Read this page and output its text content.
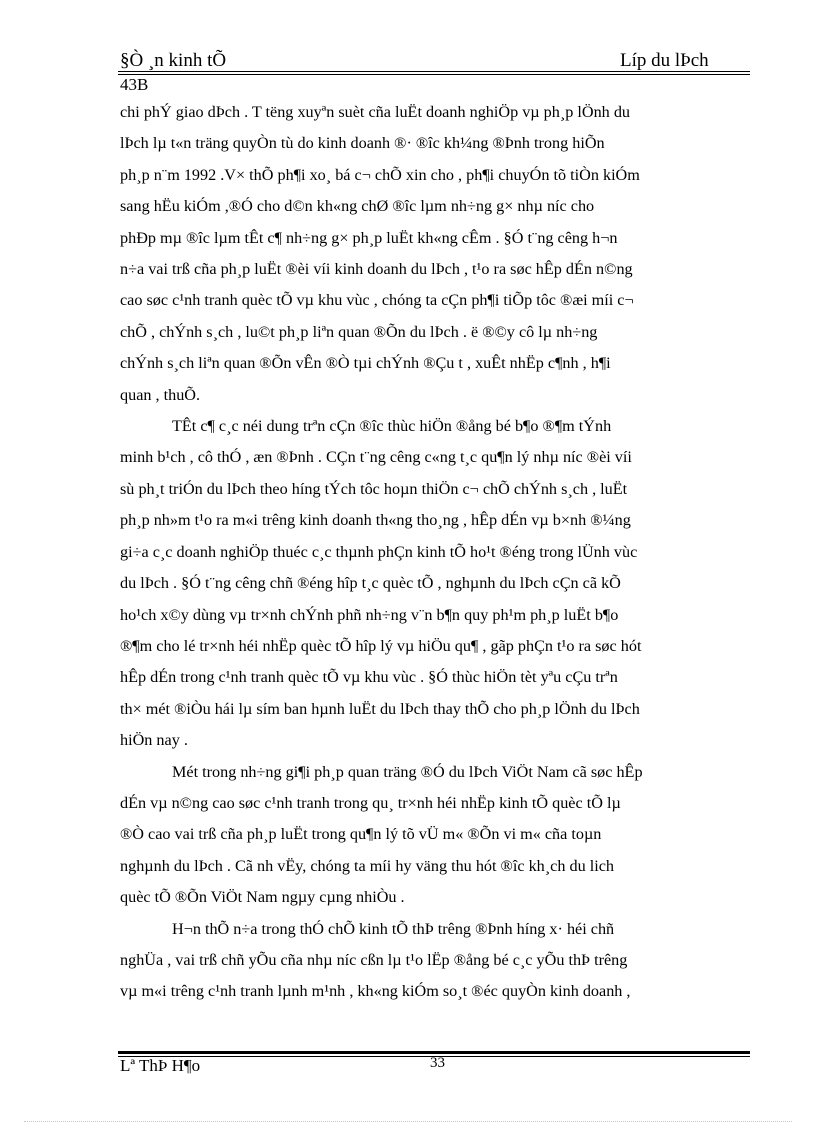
§Ò ¸n kinh tÕ	Líp du lÞch
43B
chi phÝ giao dÞch . T tëng xuyªn suèt cña luËt doanh nghiÖp vµ ph¸p lÖnh du
lÞch lµ t«n träng quyÒn tù do kinh doanh ®· ®îc kh¼ng ®Þnh trong hiÕn
ph¸p n¨m 1992 .V× thÕ ph¶i xo¸ bá c¬ chÕ xin cho , ph¶i chuyÓn tõ tiÒn kiÓm
sang hËu kiÓm ,®Ó cho d©n kh«ng chØ ®îc lµm nh÷ng g× nhµ níc cho
phÐp mµ ®îc lµm tÊt c¶ nh÷ng g× ph¸p luËt kh«ng cÊm . §Ó t¨ng cêng h¬n
n÷a vai trß cña ph¸p luËt ®èi víi kinh doanh du lÞch , t¹o ra søc hÊp dÉn n©ng
cao søc c¹nh tranh quèc tÕ vµ khu vùc , chóng ta cÇn ph¶i tiÕp tôc ®æi míi c¬
chÕ , chÝnh s¸ch , lu©t ph¸p liªn quan ®Õn du lÞch . ë ®©y cô lµ nh÷ng
chÝnh s¸ch liªn quan ®Õn vÊn ®Ò tµi chÝnh ®Çu t , xuÊt nhËp c¶nh , h¶i
quan , thuÕ.
TÊt c¶ c¸c néi dung trªn cÇn ®îc thùc hiÖn ®ång bé b¶o ®¶m tÝnh
minh b¹ch , cô thÓ , æn ®Þnh . CÇn t¨ng cêng c«ng t¸c qu¶n lý nhµ níc ®èi víi
sù ph¸t triÓn du lÞch theo híng tÝch tôc hoµn thiÖn c¬ chÕ chÝnh s¸ch , luËt
ph¸p nh»m t¹o ra m«i trêng kinh doanh th«ng tho¸ng , hÊp dÉn vµ b×nh ®¼ng
gi÷a c¸c doanh nghiÖp thuéc c¸c thµnh phÇn kinh tÕ ho¹t ®éng trong lÜnh vùc
du lÞch . §Ó t¨ng cêng chñ ®éng hîp t¸c quèc tÕ , nghµnh du lÞch cÇn cã kÕ
ho¹ch x©y dùng vµ tr×nh chÝnh phñ nh÷ng v¨n b¶n quy ph¹m ph¸p luËt b¶o
®¶m cho lé tr×nh héi nhËp quèc tÕ hîp lý vµ hiÖu qu¶ , gãp phÇn t¹o ra søc hót
hÊp dÉn trong c¹nh tranh quèc tÕ vµ khu vùc . §Ó thùc hiÖn tèt yªu cÇu trªn
th× mét ®iÒu hái lµ sím ban hµnh luËt du lÞch thay thÕ cho ph¸p lÖnh du lÞch
hiÖn nay .
Mét trong nh÷ng gi¶i ph¸p quan träng ®Ó du lÞch ViÖt Nam cã søc hÊp
dÉn vµ n©ng cao søc c¹nh tranh trong qu¸ tr×nh héi nhËp kinh tÕ quèc tÕ lµ
®Ò cao vai trß cña ph¸p luËt trong qu¶n lý tõ vÜ m« ®Õn vi m« cña toµn
nghµnh du lÞch . Cã nh vËy, chóng ta míi hy väng thu hót ®îc kh¸ch du lich
quèc tÕ ®Õn ViÖt Nam ngµy cµng nhiÒu .
H¬n thÕ n÷a trong thÓ chÕ kinh tÕ thÞ trêng ®Þnh híng x· héi chñ
nghÜa , vai trß chñ yÕu cña nhµ níc cßn lµ t¹o lËp ®ång bé c¸c yÕu thÞ trêng
vµ m«i trêng c¹nh tranh lµnh m¹nh , kh«ng kiÓm so¸t ®éc quyÒn kinh doanh ,
Lª ThÞ H¶o	33
